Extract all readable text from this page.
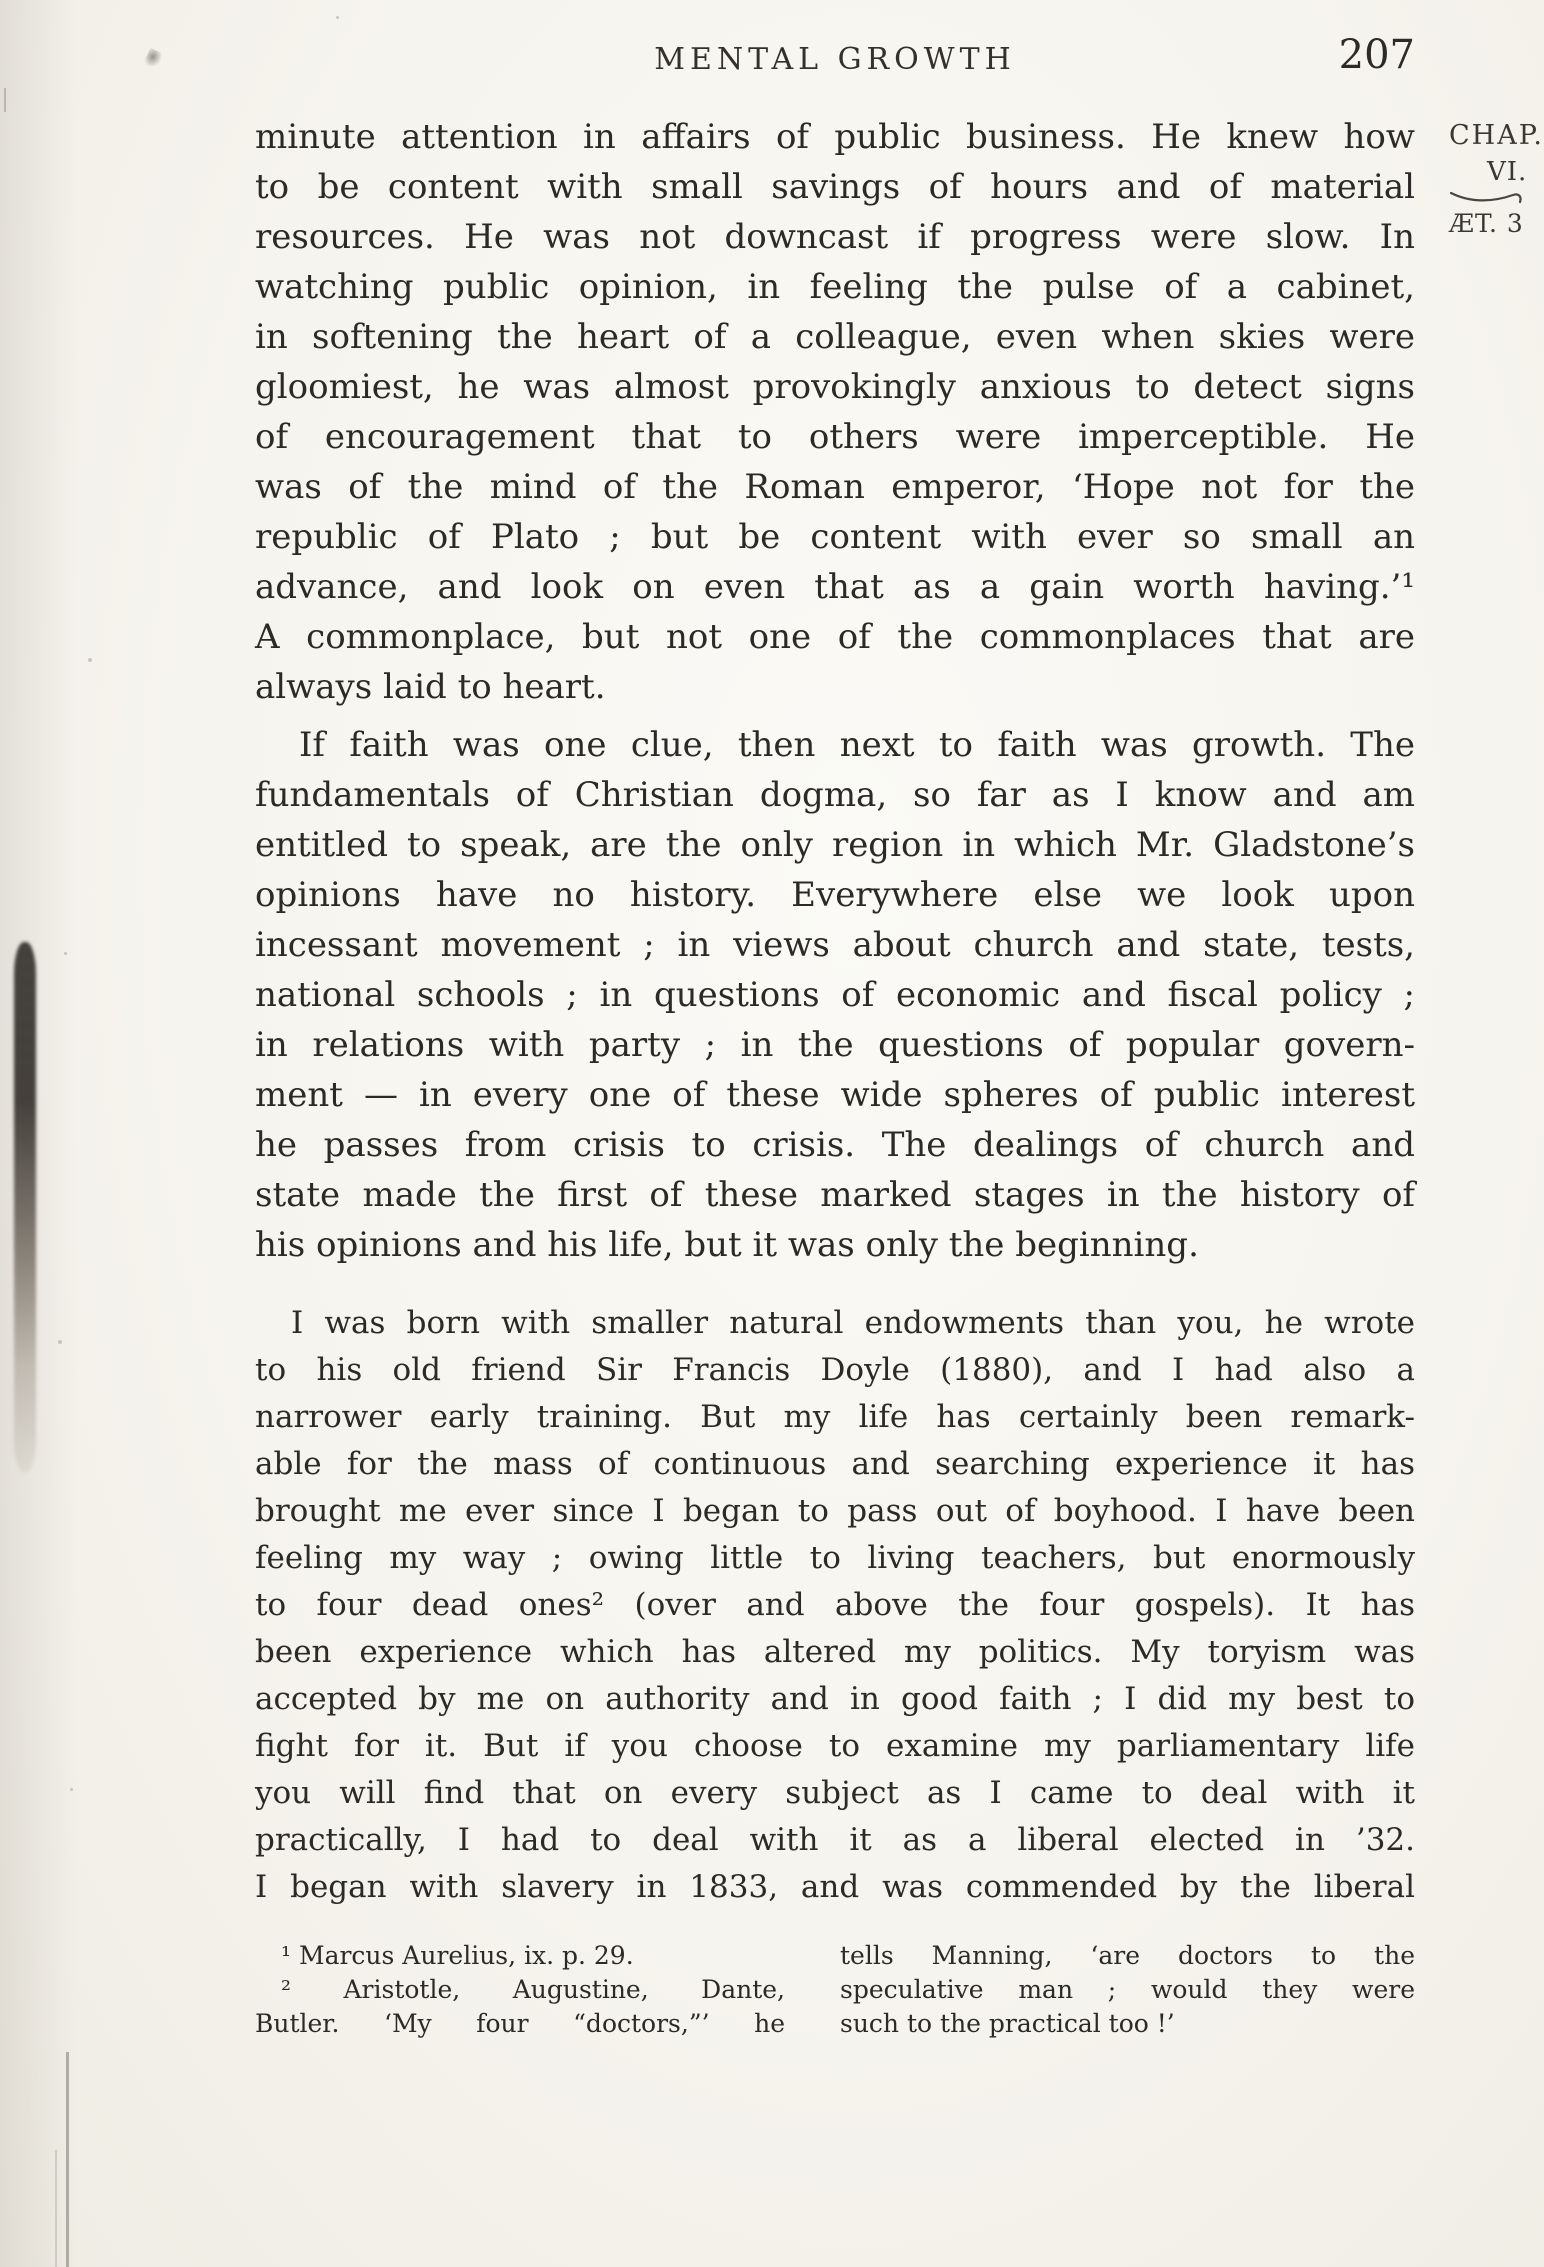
MENTAL GROWTH	207
CHAP.
VI.
ÆT. 3
minute attention in affairs of public business. He knew how
to be content with small savings of hours and of material
resources. He was not downcast if progress were slow. In
watching public opinion, in feeling the pulse of a cabinet,
in softening the heart of a colleague, even when skies were
gloomiest, he was almost provokingly anxious to detect signs
of encouragement that to others were imperceptible. He
was of the mind of the Roman emperor, ‘Hope not for the
republic of Plato ; but be content with ever so small an
advance, and look on even that as a gain worth having.’¹
A commonplace, but not one of the commonplaces that are
always laid to heart.
If faith was one clue, then next to faith was growth. The
fundamentals of Christian dogma, so far as I know and am
entitled to speak, are the only region in which Mr. Gladstone’s
opinions have no history. Everywhere else we look upon
incessant movement ; in views about church and state, tests,
national schools ; in questions of economic and fiscal policy ;
in relations with party ; in the questions of popular govern-
ment — in every one of these wide spheres of public interest
he passes from crisis to crisis. The dealings of church and
state made the first of these marked stages in the history of
his opinions and his life, but it was only the beginning.
I was born with smaller natural endowments than you, he wrote
to his old friend Sir Francis Doyle (1880), and I had also a
narrower early training. But my life has certainly been remark-
able for the mass of continuous and searching experience it has
brought me ever since I began to pass out of boyhood. I have been
feeling my way ; owing little to living teachers, but enormously
to four dead ones² (over and above the four gospels). It has
been experience which has altered my politics. My toryism was
accepted by me on authority and in good faith ; I did my best to
fight for it. But if you choose to examine my parliamentary life
you will find that on every subject as I came to deal with it
practically, I had to deal with it as a liberal elected in ’32.
I began with slavery in 1833, and was commended by the liberal
¹ Marcus Aurelius, ix. p. 29.
² Aristotle, Augustine, Dante,
Butler. ‘My four “doctors,”’ he
tells Manning, ‘are doctors to the
speculative man ; would they were
such to the practical too !’
